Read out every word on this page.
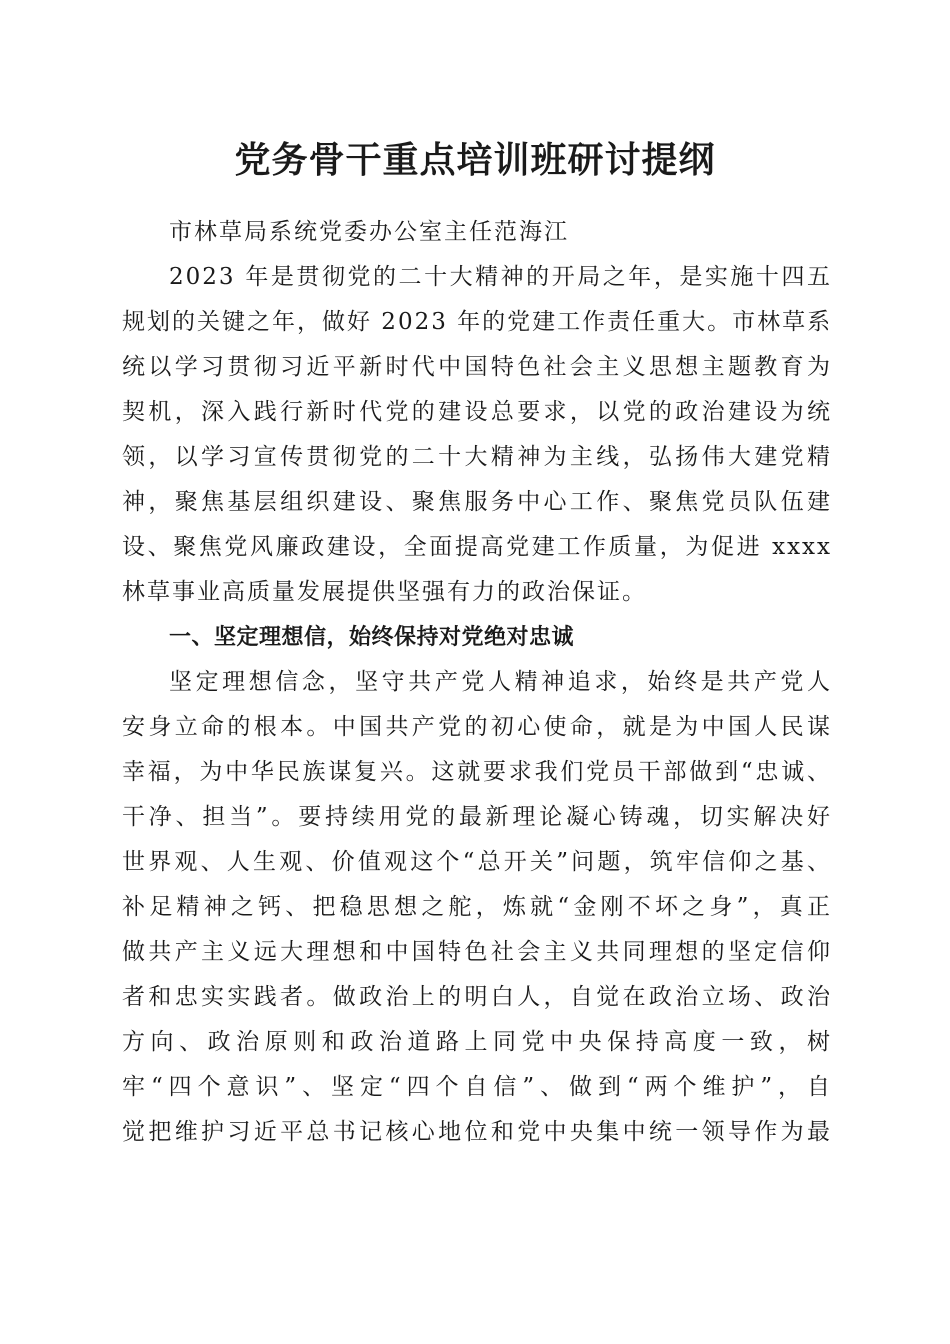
党务骨干重点培训班研讨提纲
市林草局系统党委办公室主任范海江
2023 年是贯彻党的二十大精神的开局之年，是实施十四五
规划的关键之年，做好 2023 年的党建工作责任重大。市林草系
统以学习贯彻习近平新时代中国特色社会主义思想主题教育为
契机，深入践行新时代党的建设总要求，以党的政治建设为统
领，以学习宣传贯彻党的二十大精神为主线，弘扬伟大建党精
神，聚焦基层组织建设、聚焦服务中心工作、聚焦党员队伍建
设、聚焦党风廉政建设，全面提高党建工作质量，为促进 xxxx
林草事业高质量发展提供坚强有力的政治保证。
一、坚定理想信，始终保持对党绝对忠诚
坚定理想信念，坚守共产党人精神追求，始终是共产党人
安身立命的根本。中国共产党的初心使命，就是为中国人民谋
幸福，为中华民族谋复兴。这就要求我们党员干部做到“忠诚、
干净、担当”。要持续用党的最新理论凝心铸魂，切实解决好
世界观、人生观、价值观这个“总开关”问题，筑牢信仰之基、
补足精神之钙、把稳思想之舵，炼就“金刚不坏之身”，真正
做共产主义远大理想和中国特色社会主义共同理想的坚定信仰
者和忠实实践者。做政治上的明白人，自觉在政治立场、政治
方向、政治原则和政治道路上同党中央保持高度一致，树
牢“四个意识”、坚定“四个自信”、做到“两个维护”，自
觉把维护习近平总书记核心地位和党中央集中统一领导作为最
